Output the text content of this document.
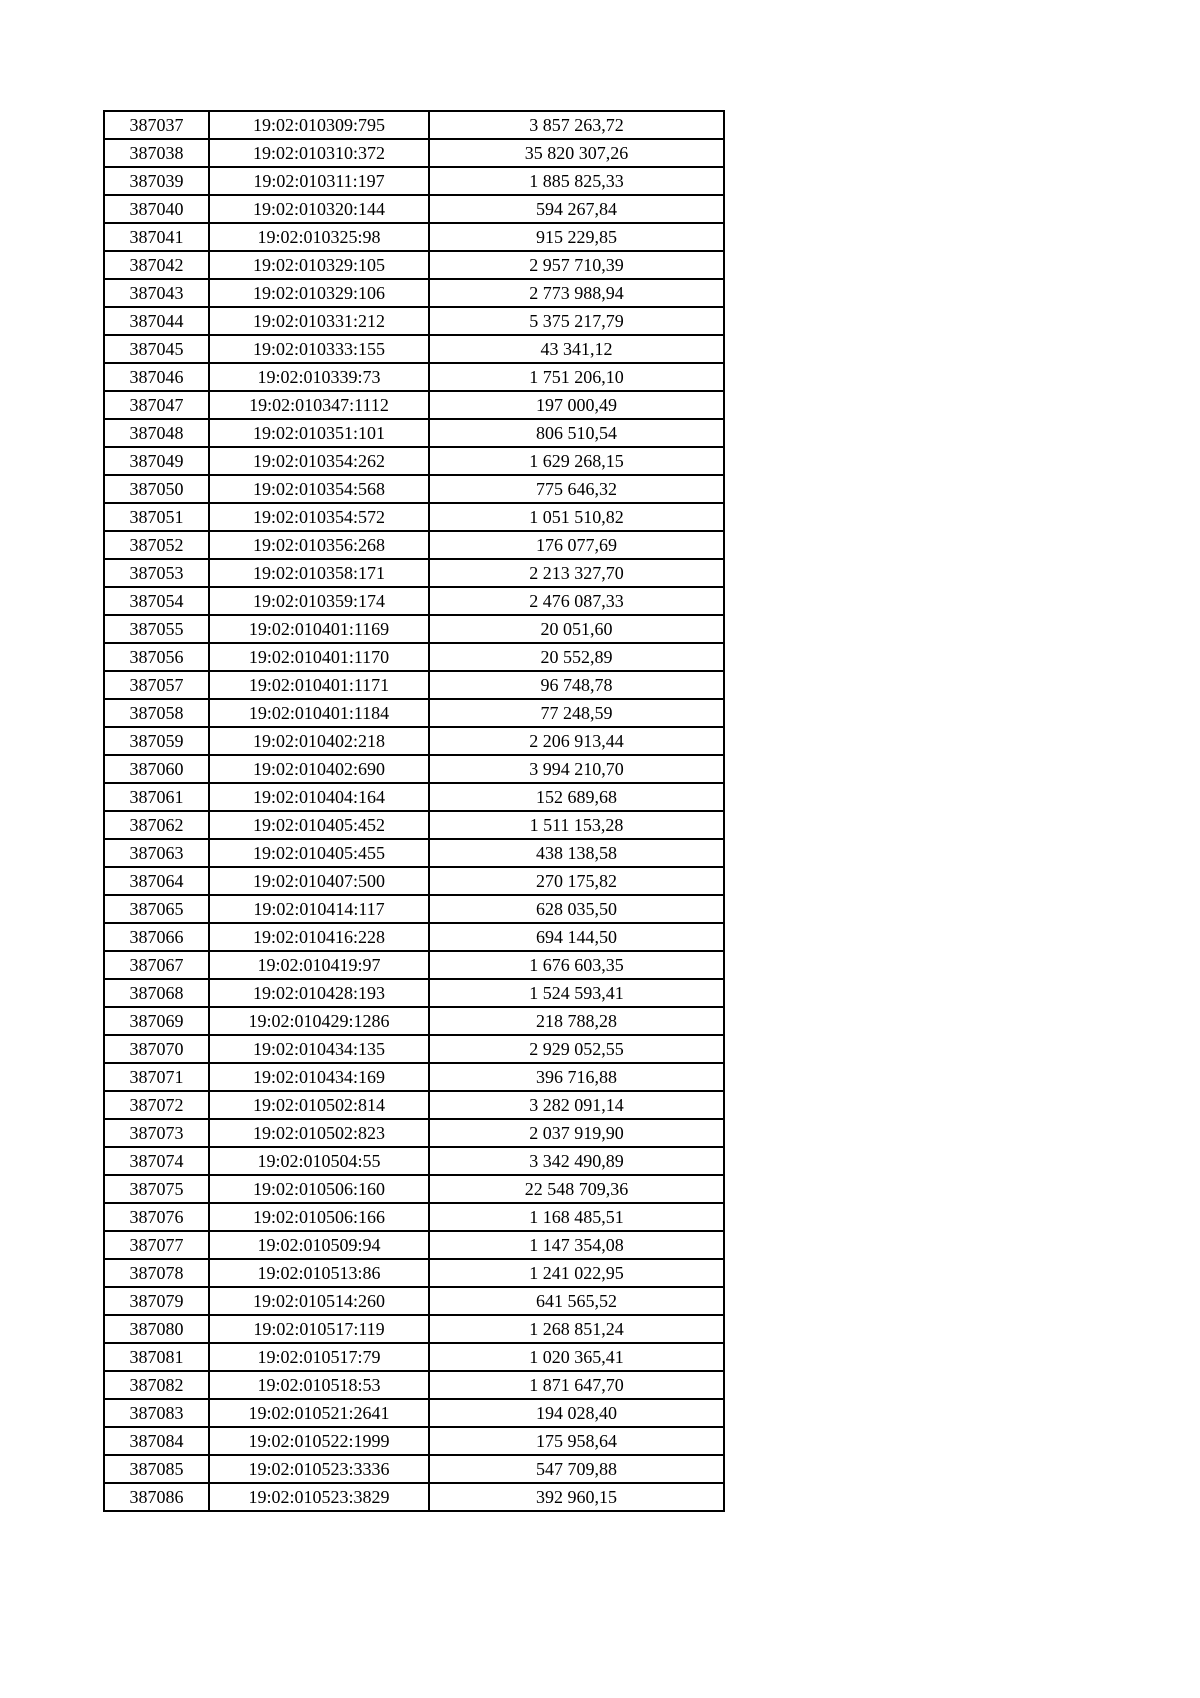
387037	19:02:010309:795	3 857 263,72
387038	19:02:010310:372	35 820 307,26
387039	19:02:010311:197	1 885 825,33
387040	19:02:010320:144	594 267,84
387041	19:02:010325:98	915 229,85
387042	19:02:010329:105	2 957 710,39
387043	19:02:010329:106	2 773 988,94
387044	19:02:010331:212	5 375 217,79
387045	19:02:010333:155	43 341,12
387046	19:02:010339:73	1 751 206,10
387047	19:02:010347:1112	197 000,49
387048	19:02:010351:101	806 510,54
387049	19:02:010354:262	1 629 268,15
387050	19:02:010354:568	775 646,32
387051	19:02:010354:572	1 051 510,82
387052	19:02:010356:268	176 077,69
387053	19:02:010358:171	2 213 327,70
387054	19:02:010359:174	2 476 087,33
387055	19:02:010401:1169	20 051,60
387056	19:02:010401:1170	20 552,89
387057	19:02:010401:1171	96 748,78
387058	19:02:010401:1184	77 248,59
387059	19:02:010402:218	2 206 913,44
387060	19:02:010402:690	3 994 210,70
387061	19:02:010404:164	152 689,68
387062	19:02:010405:452	1 511 153,28
387063	19:02:010405:455	438 138,58
387064	19:02:010407:500	270 175,82
387065	19:02:010414:117	628 035,50
387066	19:02:010416:228	694 144,50
387067	19:02:010419:97	1 676 603,35
387068	19:02:010428:193	1 524 593,41
387069	19:02:010429:1286	218 788,28
387070	19:02:010434:135	2 929 052,55
387071	19:02:010434:169	396 716,88
387072	19:02:010502:814	3 282 091,14
387073	19:02:010502:823	2 037 919,90
387074	19:02:010504:55	3 342 490,89
387075	19:02:010506:160	22 548 709,36
387076	19:02:010506:166	1 168 485,51
387077	19:02:010509:94	1 147 354,08
387078	19:02:010513:86	1 241 022,95
387079	19:02:010514:260	641 565,52
387080	19:02:010517:119	1 268 851,24
387081	19:02:010517:79	1 020 365,41
387082	19:02:010518:53	1 871 647,70
387083	19:02:010521:2641	194 028,40
387084	19:02:010522:1999	175 958,64
387085	19:02:010523:3336	547 709,88
387086	19:02:010523:3829	392 960,15
